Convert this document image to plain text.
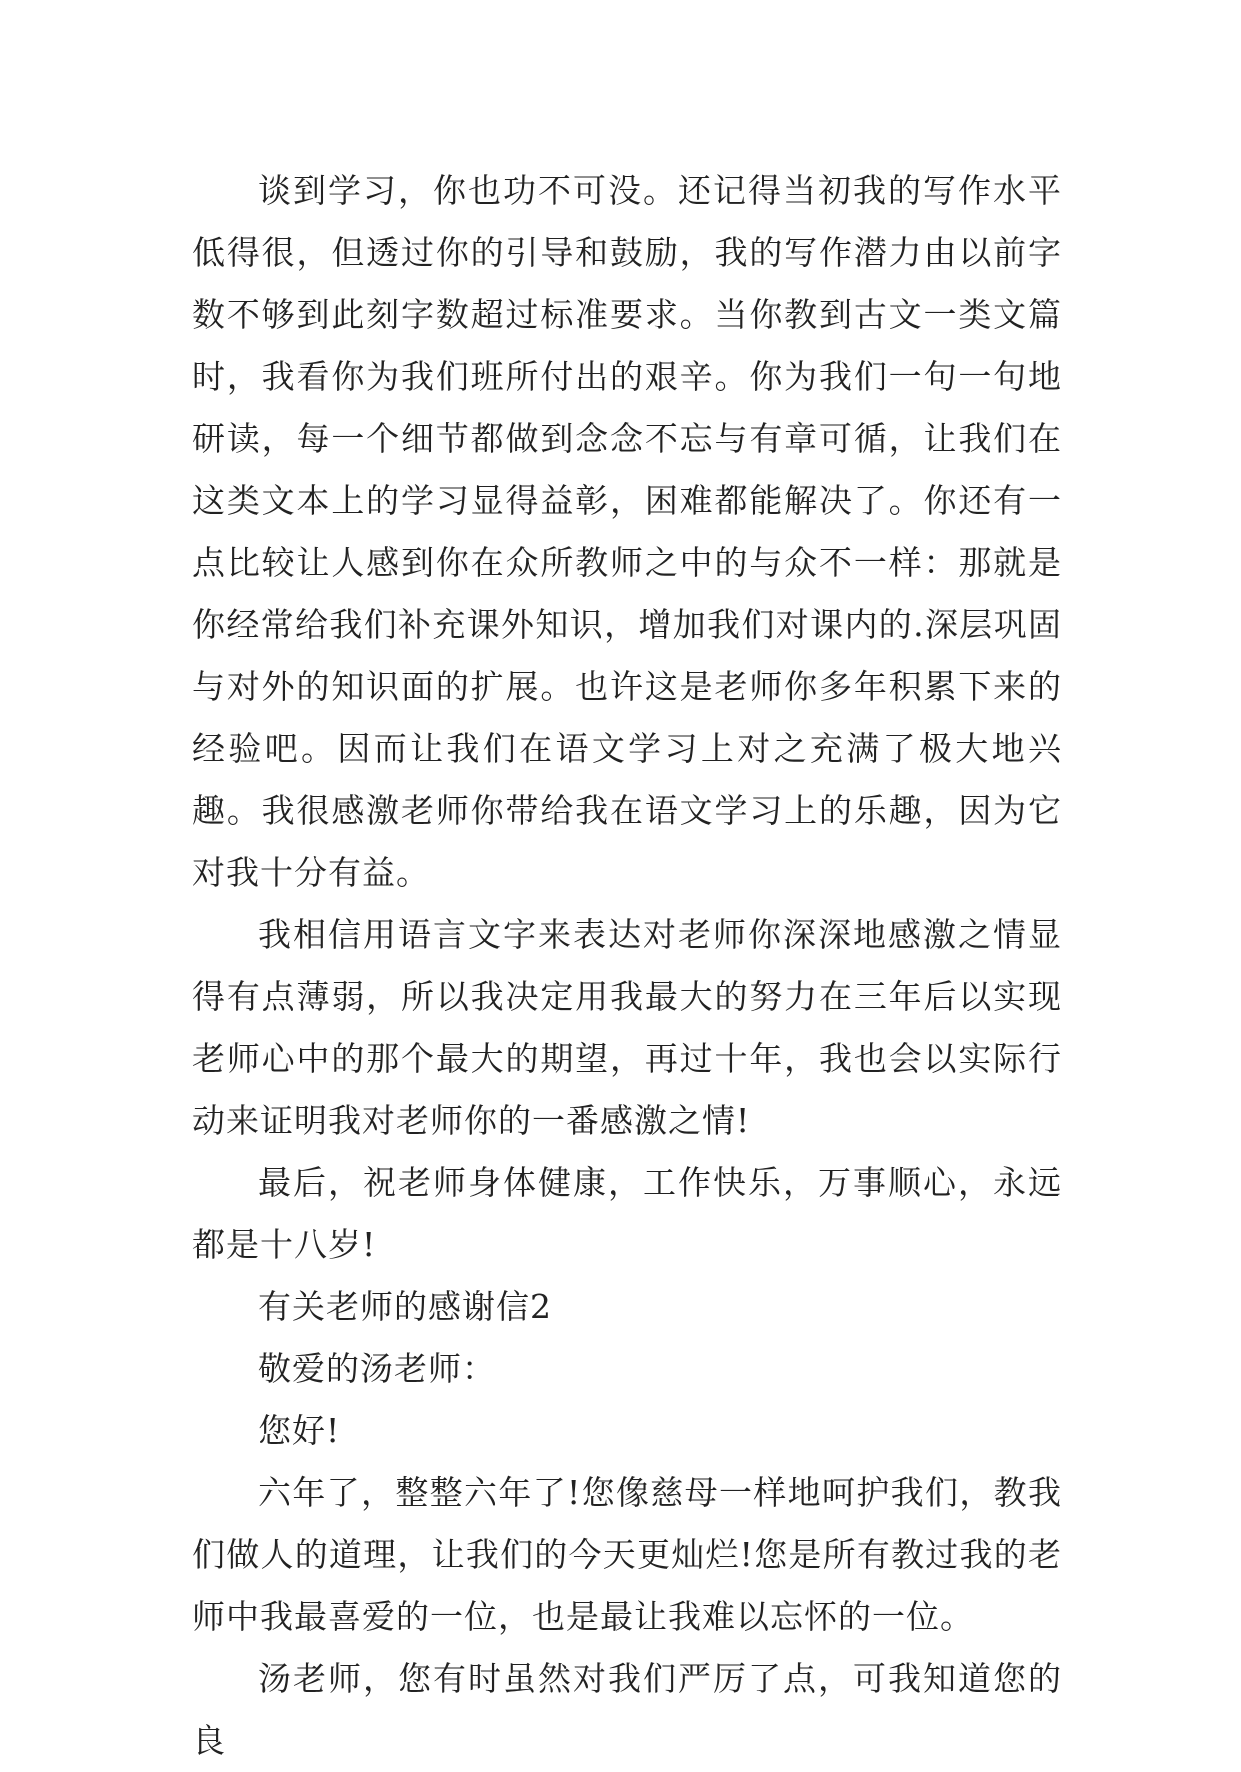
谈到学习，你也功不可没。还记得当初我的写作水平低得很，但透过你的引导和鼓励，我的写作潜力由以前字数不够到此刻字数超过标准要求。当你教到古文一类文篇时，我看你为我们班所付出的艰辛。你为我们一句一句地研读，每一个细节都做到念念不忘与有章可循，让我们在这类文本上的学习显得益彰，困难都能解决了。你还有一点比较让人感到你在众所教师之中的与众不一样：那就是你经常给我们补充课外知识，增加我们对课内的.深层巩固与对外的知识面的扩展。也许这是老师你多年积累下来的经验吧。因而让我们在语文学习上对之充满了极大地兴趣。我很感激老师你带给我在语文学习上的乐趣，因为它对我十分有益。

我相信用语言文字来表达对老师你深深地感激之情显得有点薄弱，所以我决定用我最大的努力在三年后以实现老师心中的那个最大的期望，再过十年，我也会以实际行动来证明我对老师你的一番感激之情!

最后，祝老师身体健康，工作快乐，万事顺心，永远都是十八岁!

有关老师的感谢信2

敬爱的汤老师：

您好!

六年了，整整六年了!您像慈母一样地呵护我们，教我们做人的道理，让我们的今天更灿烂!您是所有教过我的老师中我最喜爱的一位，也是最让我难以忘怀的一位。

汤老师，您有时虽然对我们严厉了点，可我知道您的良
